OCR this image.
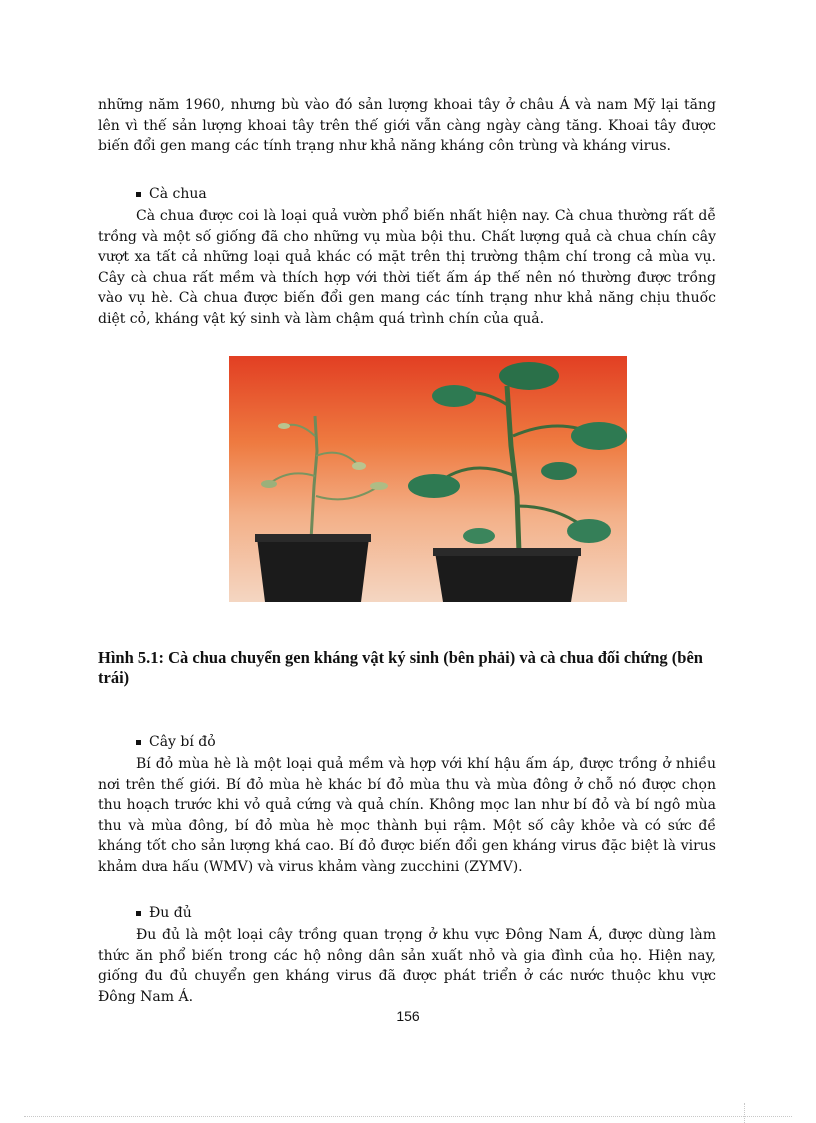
những năm 1960, nhưng bù vào đó sản lượng khoai tây ở châu Á và nam Mỹ lại tăng lên vì thế sản lượng khoai tây trên thế giới vẫn càng ngày càng tăng. Khoai tây được biến đổi gen mang các tính trạng như khả năng kháng côn trùng và kháng virus.

Cà chua

Cà chua được coi là loại quả vườn phổ biến nhất hiện nay. Cà chua thường rất dễ trồng và một số giống đã cho những vụ mùa bội thu. Chất lượng quả cà chua chín cây vượt xa tất cả những loại quả khác có mặt trên thị trường thậm chí trong cả mùa vụ. Cây cà chua rất mềm và thích hợp với thời tiết ấm áp thế nên nó thường được trồng vào vụ hè. Cà chua được biến đổi gen mang các tính trạng như khả năng chịu thuốc diệt cỏ, kháng vật ký sinh và làm chậm quá trình chín của quả.

Hình 5.1: Cà chua chuyển gen kháng vật ký sinh (bên phải) và cà chua đối chứng (bên trái)

Cây bí đỏ

Bí đỏ mùa hè là một loại quả mềm và hợp với khí hậu ấm áp, được trồng ở nhiều nơi trên thế giới. Bí đỏ mùa hè khác bí đỏ mùa thu và mùa đông ở chỗ nó được chọn thu hoạch trước khi vỏ quả cứng và quả chín. Không mọc lan như bí đỏ và bí ngô mùa thu và mùa đông, bí đỏ mùa hè mọc thành bụi rậm. Một số cây khỏe và có sức đề kháng tốt cho sản lượng khá cao. Bí đỏ được biến đổi gen kháng virus đặc biệt là virus khảm dưa hấu (WMV) và virus khảm vàng zucchini (ZYMV).

Đu đủ

Đu đủ là một loại cây trồng quan trọng ở khu vực Đông Nam Á, được dùng làm thức ăn phổ biến trong các hộ nông dân sản xuất nhỏ và gia đình của họ. Hiện nay, giống đu đủ chuyển gen kháng virus đã được phát triển ở các nước thuộc khu vực Đông Nam Á.

156
